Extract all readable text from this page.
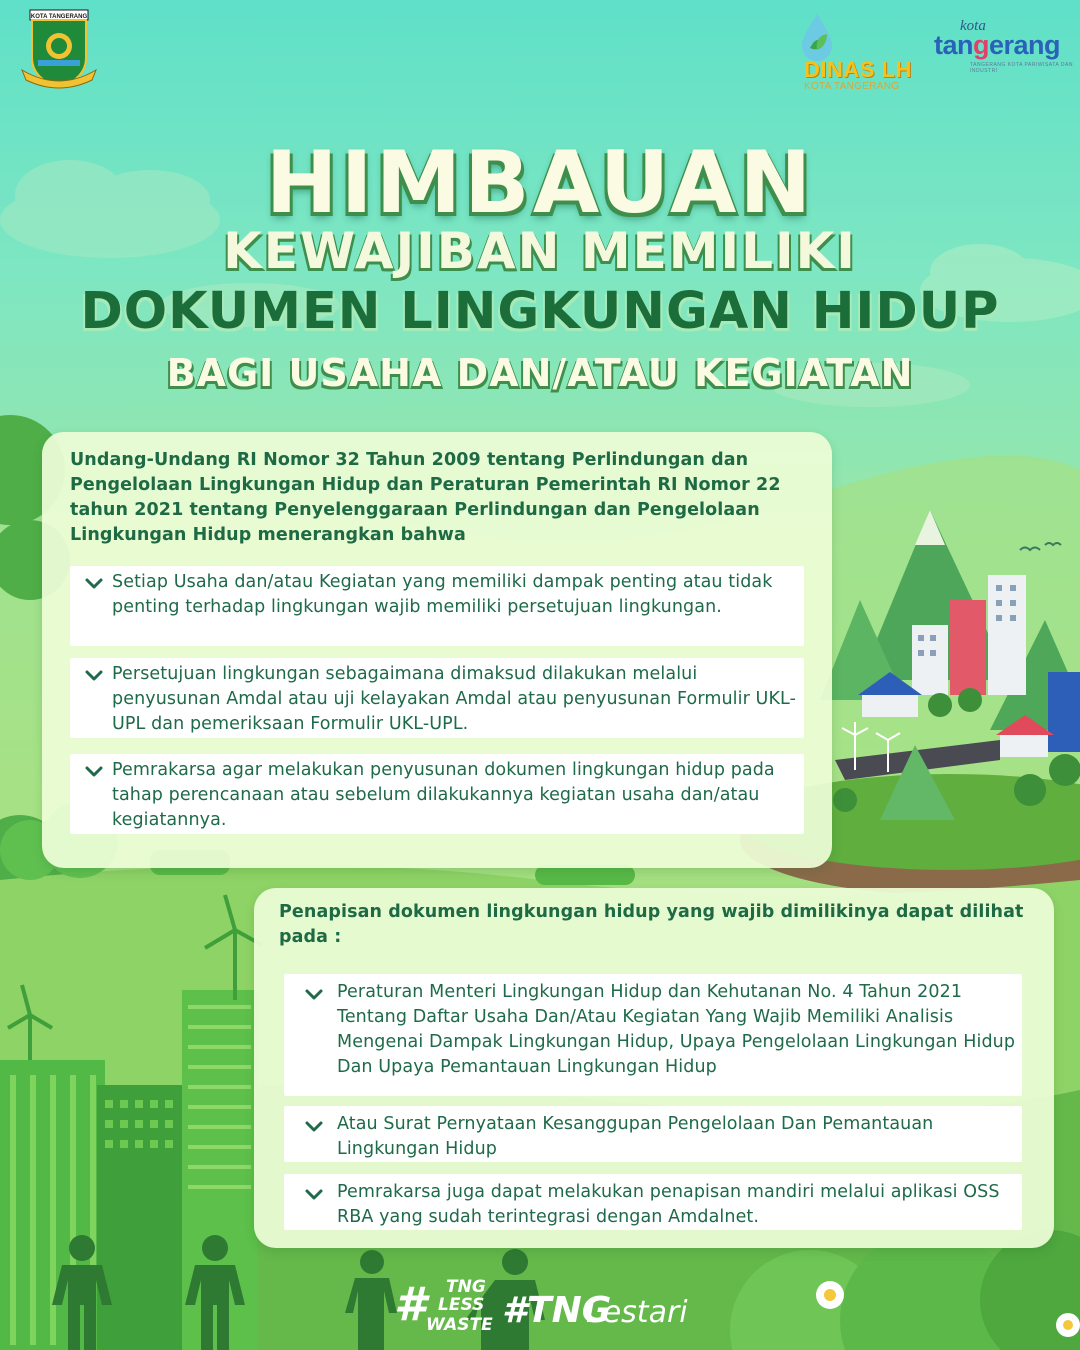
KOTA TANGERANG
DINAS LH
KOTA TANGERANG
kota
tangerang
TANGERANG KOTA PARIWISATA DAN INDUSTRI
HIMBAUAN
KEWAJIBAN MEMILIKI
DOKUMEN LINGKUNGAN HIDUP
BAGI USAHA DAN/ATAU KEGIATAN
Undang-Undang RI Nomor 32 Tahun 2009 tentang Perlindungan dan Pengelolaan Lingkungan Hidup dan Peraturan Pemerintah RI Nomor 22 tahun 2021 tentang Penyelenggaraan Perlindungan dan Pengelolaan Lingkungan Hidup menerangkan bahwa
Setiap Usaha dan/atau Kegiatan yang memiliki dampak penting atau tidak penting terhadap lingkungan wajib memiliki persetujuan lingkungan.
Persetujuan lingkungan sebagaimana dimaksud dilakukan melalui penyusunan Amdal atau uji kelayakan Amdal atau penyusunan Formulir UKL-UPL dan pemeriksaan Formulir UKL-UPL.
Pemrakarsa agar melakukan penyusunan dokumen lingkungan hidup pada tahap perencanaan atau sebelum dilakukannya kegiatan usaha dan/atau kegiatannya.
Penapisan dokumen lingkungan hidup yang wajib dimilikinya dapat dilihat pada :
Peraturan Menteri Lingkungan Hidup dan Kehutanan No. 4 Tahun 2021 Tentang Daftar Usaha Dan/Atau Kegiatan Yang Wajib Memiliki Analisis Mengenai Dampak Lingkungan Hidup, Upaya Pengelolaan Lingkungan Hidup Dan Upaya Pemantauan Lingkungan Hidup
Atau Surat Pernyataan Kesanggupan Pengelolaan Dan Pemantauan Lingkungan Hidup
Pemrakarsa juga dapat melakukan penapisan mandiri melalui aplikasi OSS RBA yang sudah terintegrasi dengan Amdalnet.
# TNG
LESS
WASTE #TNG
Lestari
